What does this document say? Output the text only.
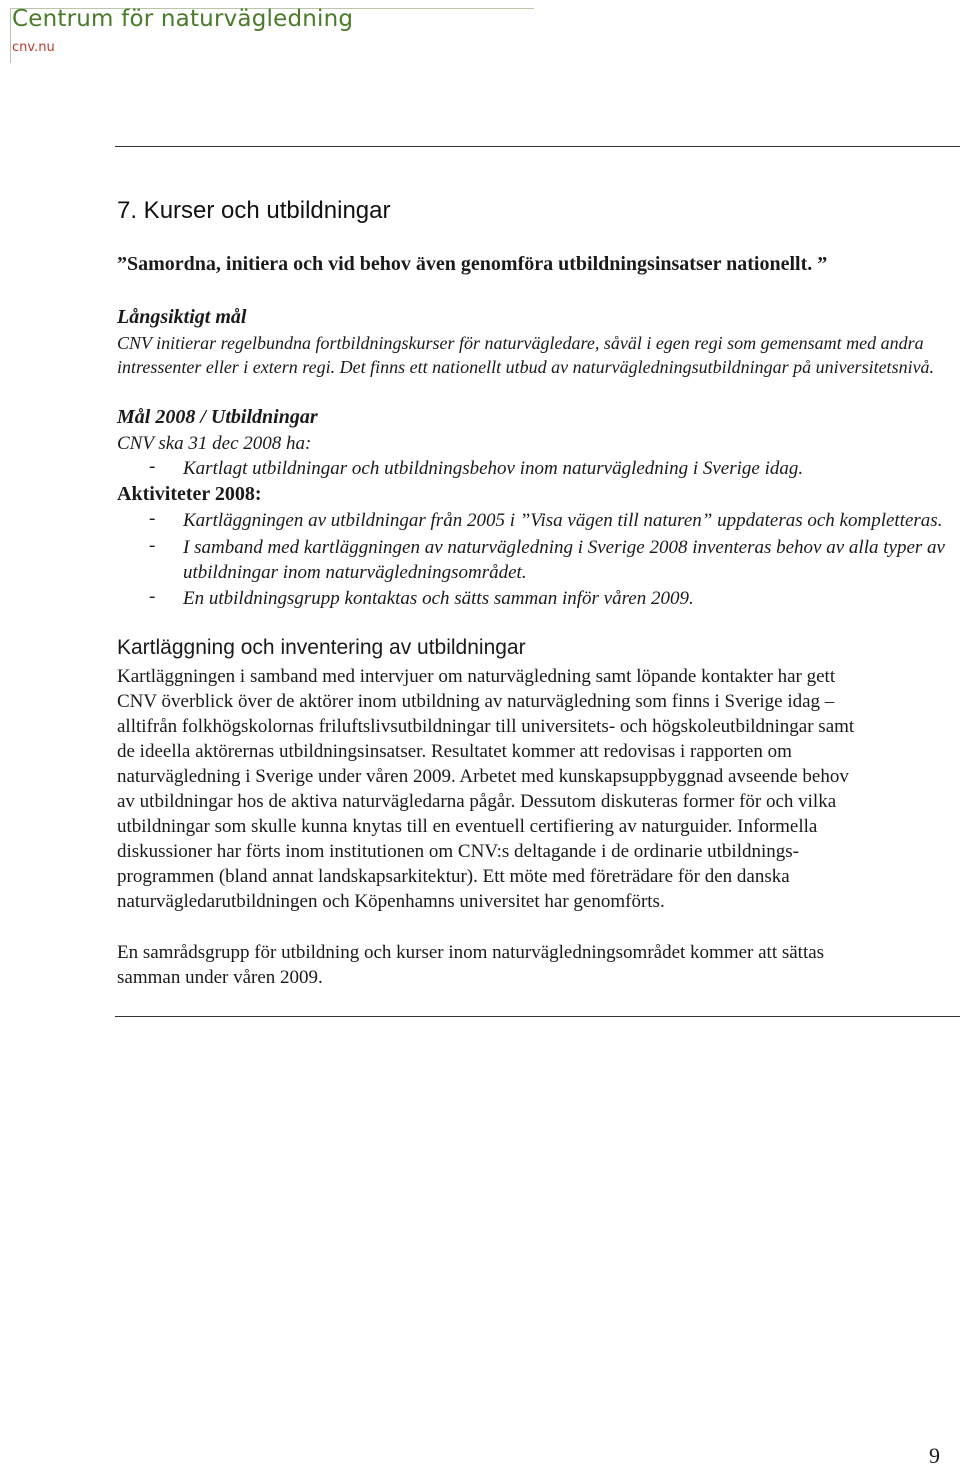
Centrum för naturvägledning
cnv.nu
7. Kurser och utbildningar
”Samordna, initiera och vid behov även genomföra utbildningsinsatser nationellt. ”
Långsiktigt mål
CNV initierar regelbundna fortbildningskurser för naturvägledare, såväl i egen regi som gemensamt med andra
intressenter eller i extern regi. Det finns ett nationellt utbud av naturvägledningsutbildningar på universitetsnivå.
Mål 2008 / Utbildningar
CNV ska 31 dec 2008 ha:
-	Kartlagt utbildningar och utbildningsbehov inom naturvägledning i Sverige idag.
Aktiviteter 2008:
-	Kartläggningen av utbildningar från 2005 i ”Visa vägen till naturen” uppdateras och kompletteras.
-	I samband med kartläggningen av naturvägledning i Sverige 2008 inventeras behov av alla typer av
utbildningar inom naturvägledningsområdet.
-	En utbildningsgrupp kontaktas och sätts samman inför våren 2009.
Kartläggning och inventering av utbildningar
Kartläggningen i samband med intervjuer om naturvägledning samt löpande kontakter har gett
CNV överblick över de aktörer inom utbildning av naturvägledning som finns i Sverige idag –
alltifrån folkhögskolornas friluftslivsutbildningar till universitets- och högskoleutbildningar samt
de ideella aktörernas utbildningsinsatser. Resultatet kommer att redovisas i rapporten om
naturvägledning i Sverige under våren 2009. Arbetet med kunskapsuppbyggnad avseende behov
av utbildningar hos de aktiva naturvägledarna pågår. Dessutom diskuteras former för och vilka
utbildningar som skulle kunna knytas till en eventuell certifiering av naturguider. Informella
diskussioner har förts inom institutionen om CNV:s deltagande i de ordinarie utbildnings-
programmen (bland annat landskapsarkitektur). Ett möte med företrädare för den danska
naturvägledarutbildningen och Köpenhamns universitet har genomförts.
En samrådsgrupp för utbildning och kurser inom naturvägledningsområdet kommer att sättas
samman under våren 2009.
9
